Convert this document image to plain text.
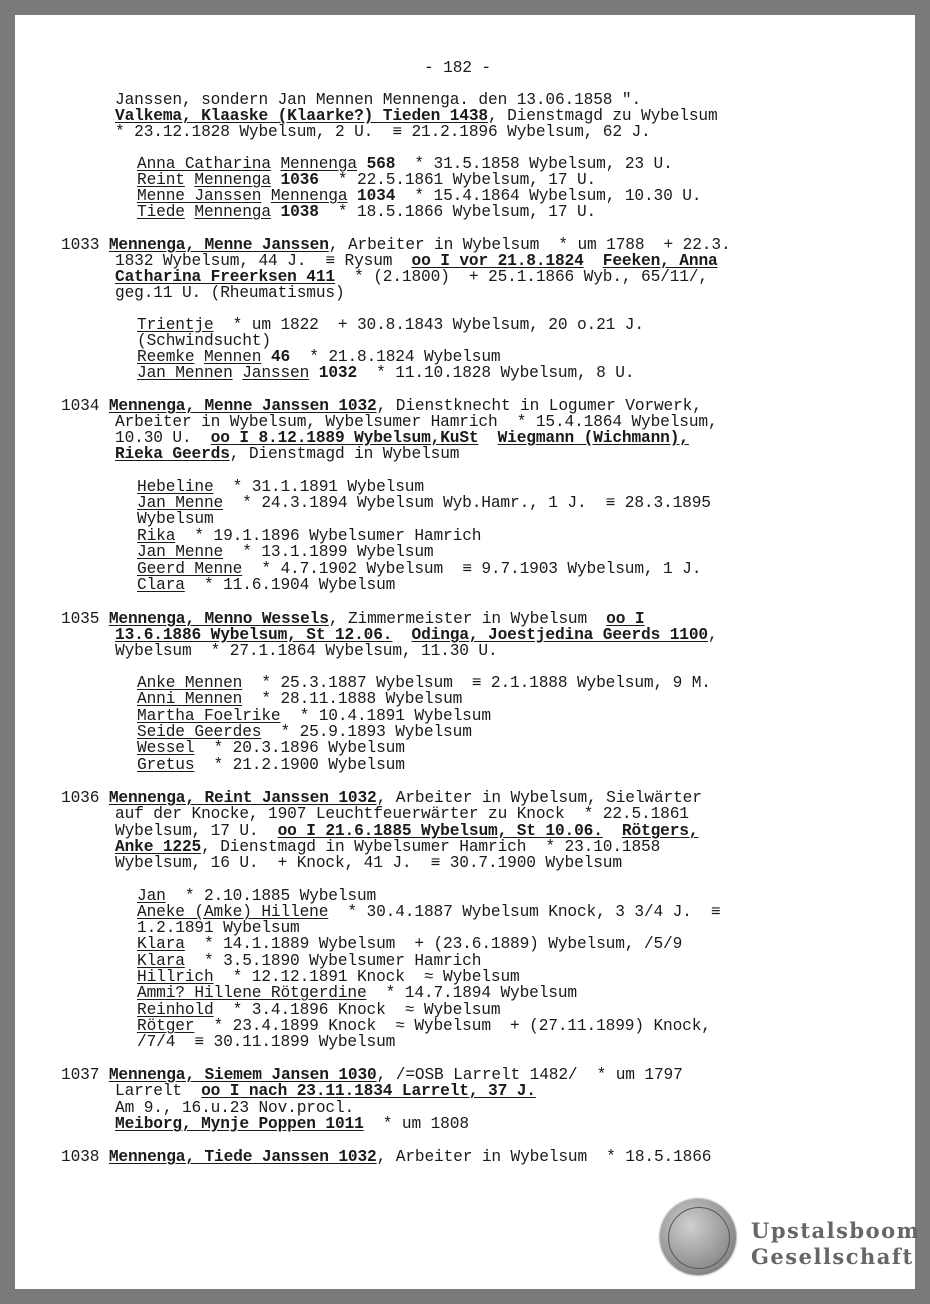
- 182 -
Janssen, sondern Jan Mennen Mennenga. den 13.06.1858 ".
Valkema, Klaaske (Klaarke?) Tieden 1438, Dienstmagd zu Wybelsum
* 23.12.1828 Wybelsum, 2 U.  ≡ 21.2.1896 Wybelsum, 62 J.
Anna Catharina Mennenga 568  * 31.5.1858 Wybelsum, 23 U.
Reint Mennenga 1036  * 22.5.1861 Wybelsum, 17 U.
Menne Janssen Mennenga 1034  * 15.4.1864 Wybelsum, 10.30 U.
Tiede Mennenga 1038  * 18.5.1866 Wybelsum, 17 U.
1033 Mennenga, Menne Janssen, Arbeiter in Wybelsum  * um 1788  + 22.3.
1832 Wybelsum, 44 J.  ≡ Rysum  oo I vor 21.8.1824 Feeken, Anna
Catharina Freerksen 411  * (2.1800)  + 25.1.1866 Wyb., 65/11/,
geg.11 U. (Rheumatismus)
Trientje  * um 1822  + 30.8.1843 Wybelsum, 20 o.21 J.
(Schwindsucht)
Reemke Mennen 46  * 21.8.1824 Wybelsum
Jan Mennen Janssen 1032  * 11.10.1828 Wybelsum, 8 U.
1034 Mennenga, Menne Janssen 1032, Dienstknecht in Logumer Vorwerk,
Arbeiter in Wybelsum, Wybelsumer Hamrich  * 15.4.1864 Wybelsum,
10.30 U.  oo I 8.12.1889 Wybelsum,KuSt Wiegmann (Wichmann),
Rieka Geerds, Dienstmagd in Wybelsum
Hebeline  * 31.1.1891 Wybelsum
Jan Menne  * 24.3.1894 Wybelsum Wyb.Hamr., 1 J.  ≡ 28.3.1895
Wybelsum
Rika  * 19.1.1896 Wybelsumer Hamrich
Jan Menne  * 13.1.1899 Wybelsum
Geerd Menne  * 4.7.1902 Wybelsum  ≡ 9.7.1903 Wybelsum, 1 J.
Clara  * 11.6.1904 Wybelsum
1035 Mennenga, Menno Wessels, Zimmermeister in Wybelsum  oo I
13.6.1886 Wybelsum, St 12.06. Odinga, Joestjedina Geerds 1100,
Wybelsum  * 27.1.1864 Wybelsum, 11.30 U.
Anke Mennen  * 25.3.1887 Wybelsum  ≡ 2.1.1888 Wybelsum, 9 M.
Anni Mennen  * 28.11.1888 Wybelsum
Martha Foelrike  * 10.4.1891 Wybelsum
Seide Geerdes  * 25.9.1893 Wybelsum
Wessel  * 20.3.1896 Wybelsum
Gretus  * 21.2.1900 Wybelsum
1036 Mennenga, Reint Janssen 1032, Arbeiter in Wybelsum, Sielwärter
auf der Knocke, 1907 Leuchtfeuerwärter zu Knock  * 22.5.1861
Wybelsum, 17 U.  oo I 21.6.1885 Wybelsum, St 10.06. Rötgers,
Anke 1225, Dienstmagd in Wybelsumer Hamrich  * 23.10.1858
Wybelsum, 16 U.  + Knock, 41 J.  ≡ 30.7.1900 Wybelsum
Jan  * 2.10.1885 Wybelsum
Aneke (Amke) Hillene  * 30.4.1887 Wybelsum Knock, 3 3/4 J.  ≡
1.2.1891 Wybelsum
Klara  * 14.1.1889 Wybelsum  + (23.6.1889) Wybelsum, /5/9
Klara  * 3.5.1890 Wybelsumer Hamrich
Hillrich  * 12.12.1891 Knock  ≈ Wybelsum
Ammi? Hillene Rötgerdine  * 14.7.1894 Wybelsum
Reinhold  * 3.4.1896 Knock  ≈ Wybelsum
Rötger  * 23.4.1899 Knock  ≈ Wybelsum  + (27.11.1899) Knock,
/7/4  ≡ 30.11.1899 Wybelsum
1037 Mennenga, Siemem Jansen 1030, /=OSB Larrelt 1482/  * um 1797
Larrelt  oo I nach 23.11.1834 Larrelt, 37 J.
Am 9., 16.u.23 Nov.procl.
Meiborg, Mynje Poppen 1011  * um 1808
1038 Mennenga, Tiede Janssen 1032, Arbeiter in Wybelsum  * 18.5.1866
Upstalsboom
Gesellschaft
